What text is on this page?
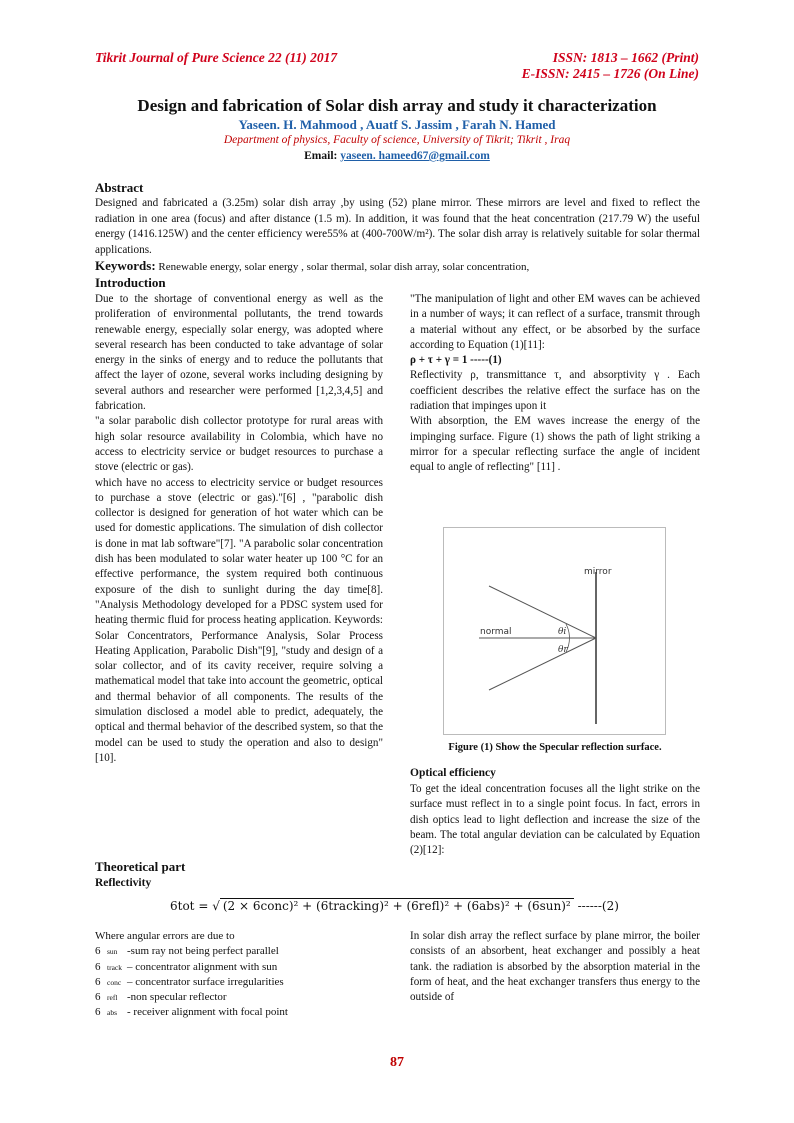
Tikrit Journal of Pure Science 22 (11) 2017	ISSN: 1813 – 1662 (Print)
E-ISSN: 2415 – 1726 (On Line)
Design and fabrication of Solar dish array and study it characterization
Yaseen. H. Mahmood , Auatf S. Jassim , Farah N. Hamed
Department of physics, Faculty of science, University of Tikrit; Tikrit , Iraq
Email: yaseen. hameed67@gmail.com
Abstract
Designed and fabricated a (3.25m) solar dish array ,by using (52) plane mirror. These mirrors are level and fixed to reflect the radiation in one area (focus) and after distance (1.5 m). In addition, it was found that the heat concentration (217.79 W) the useful energy (1416.125W) and the center efficiency were55% at (400-700W/m²). The solar dish array is relatively suitable for solar thermal applications.
Keywords: Renewable energy, solar energy , solar thermal, solar dish array, solar concentration,
Introduction

Due to the shortage of conventional energy as well as the proliferation of environmental pollutants, the trend towards renewable energy, especially solar energy, was adopted where several research has been conducted to take advantage of solar energy in the sinks of energy and to reduce the pollutants that affect the layer of ozone, several works including designing by several authors and researcher were performed [1,2,3,4,5] and fabrication.

"a solar parabolic dish collector prototype for rural areas with high solar resource availability in Colombia, which have no access to electricity service or budget resources to purchase a stove (electric or gas).

which have no access to electricity service or budget resources to purchase a stove (electric or gas)."[6] , "parabolic dish collector is designed for generation of hot water which can be used for domestic applications. The simulation of dish collector is done in mat lab software"[7]. "A parabolic solar concentration dish has been modulated to solar water heater up 100 °C for an effective performance, the system required both continuous exposure of the dish to sunlight during the day time[8]. "Analysis Methodology developed for a PDSC system used for heating thermic fluid for process heating application. Keywords: Solar Concentrators, Performance Analysis, Solar Process Heating Application, Parabolic Dish"[9], "study and design of a solar collector, and of its cavity receiver, require solving a mathematical model that take into account the geometric, optical and thermal behavior of all components. The results of the simulation disclosed a model able to predict, adequately, the optical and thermal behavior of the described system, so that the model can be used to study the operation and also to design" [10].

"The manipulation of light and other EM waves can be achieved in a number of ways; it can reflect of a surface, transmit through a material without any effect, or be absorbed by the surface according to Equation (1)[11]:

ρ + τ + γ = 1 -----(1)

Reflectivity ρ, transmittance τ, and absorptivity γ . Each coefficient describes the relative effect the surface has on the radiation that impinges upon it

With absorption, the EM waves increase the energy of the impinging surface. Figure (1) shows the path of light striking a mirror for a specular reflecting surface the angle of incident equal to angle of reflecting" [11] .

mirror
normal	θi
θr
Figure (1) Show the Specular reflection surface.
Optical efficiency
To get the ideal concentration focuses all the light strike on the surface must reflect in to a single point focus. In fact, errors in dish optics lead to light deflection and increase the size of the beam. The total angular deviation can be calculated by Equation (2)[12]:
Theoretical part
Reflectivity
6tot = √ (2 × 6conc)² + (6tracking)² + (6refl)² + (6abs)² + (6sun)² ------(2)
Where angular errors are due to
6 sun -sum ray not being perfect parallel
6 track – concentrator alignment with sun
6 conc – concentrator surface irregularities
6 refl -non specular reflector
6 abs - receiver alignment with focal point
In solar dish array the reflect surface by plane mirror, the boiler consists of an absorbent, heat exchanger and possibly a heat tank. the radiation is absorbed by the absorption material in the form of heat, and the heat exchanger transfers thus energy to the outside of
87
